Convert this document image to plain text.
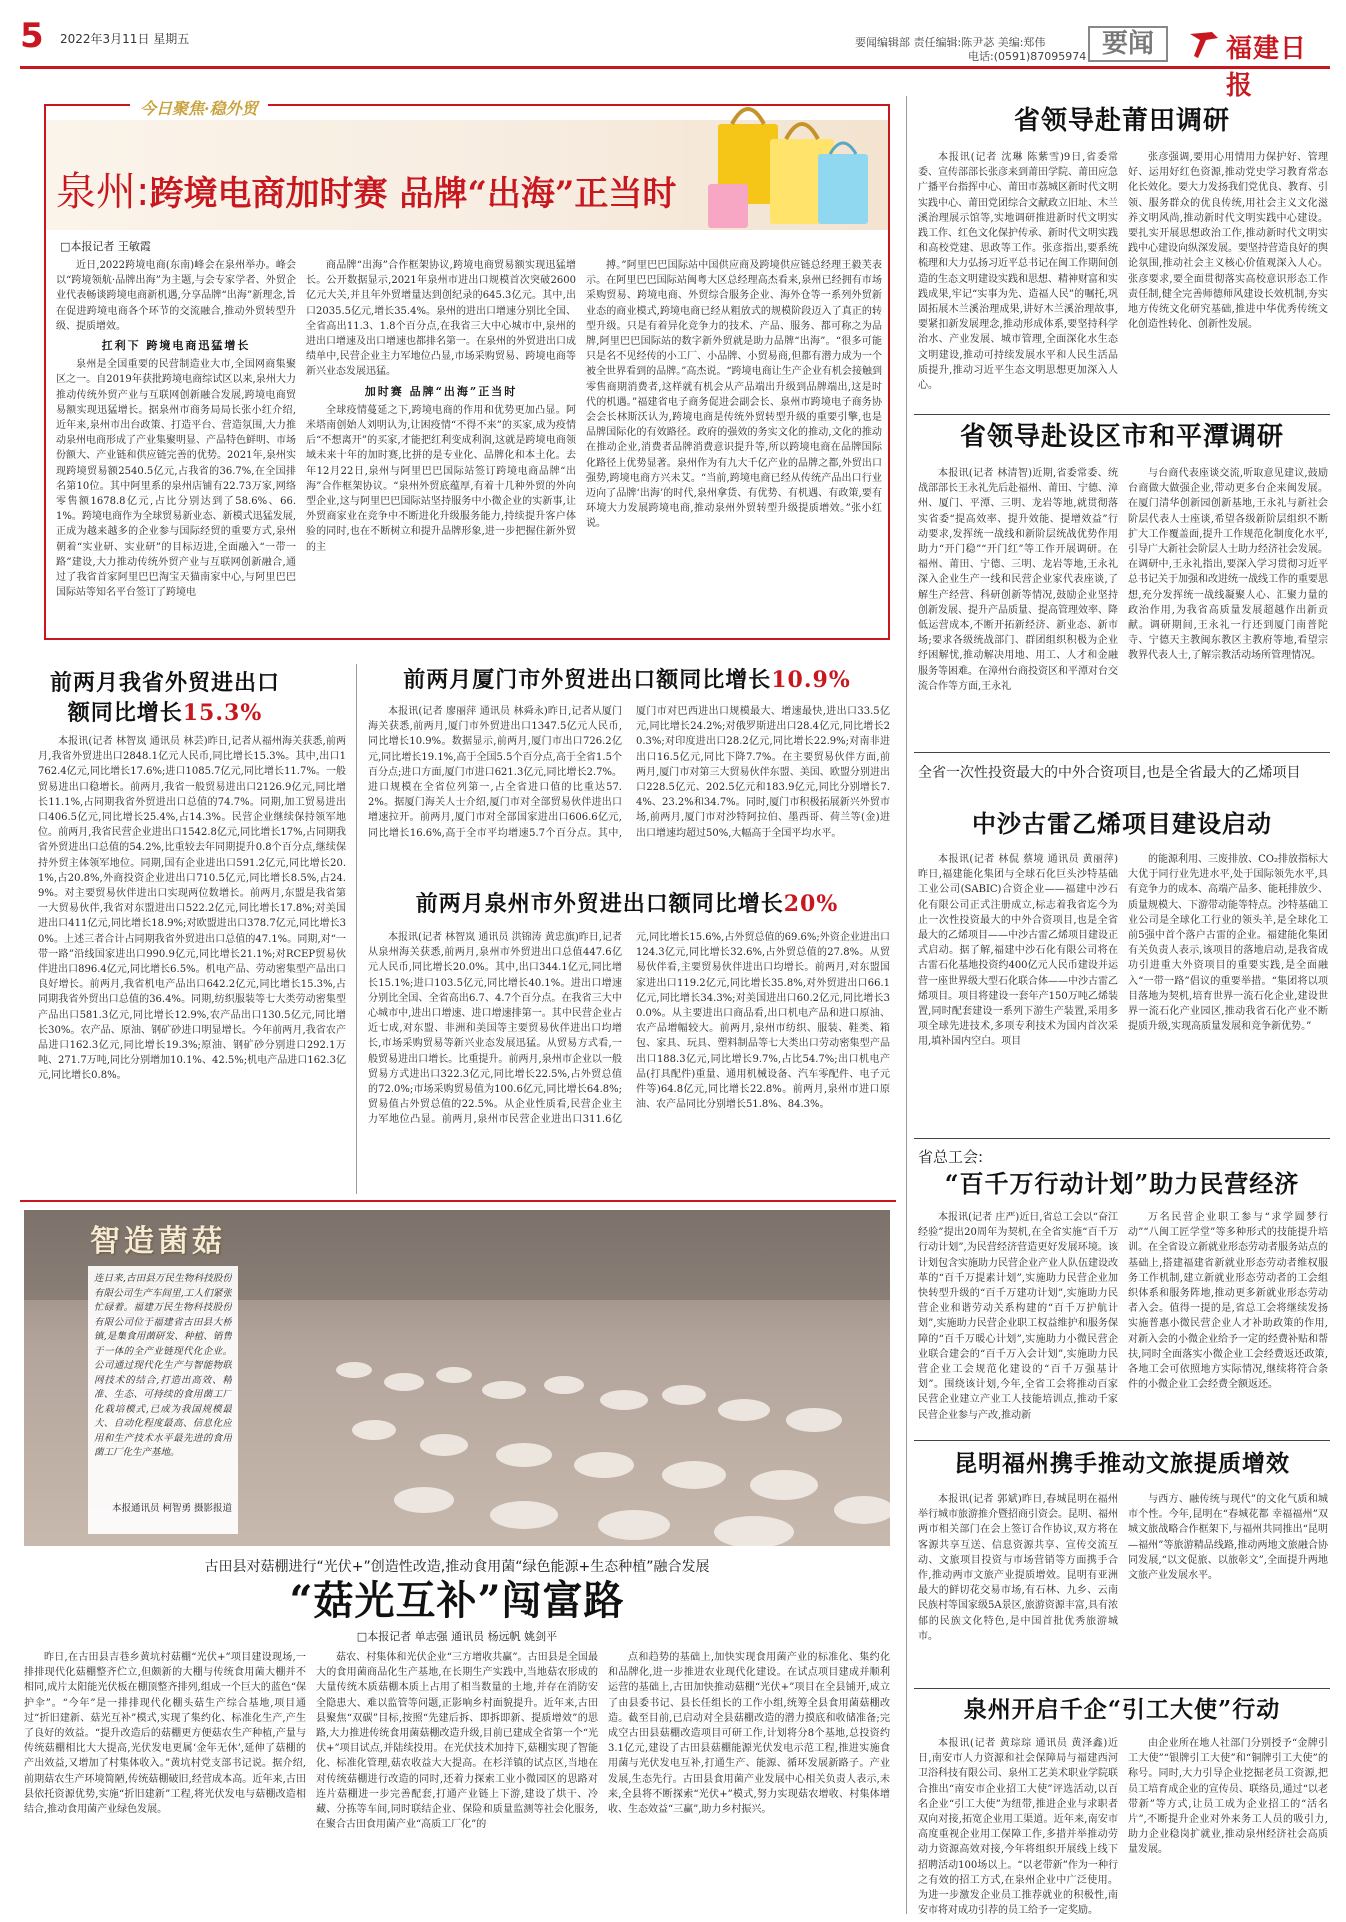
5 2022年3月11日 星期五	要闻编辑部 责任编辑:陈尹苾 美编:郑伟
电话:(0591)87095974 要闻	福建日报
今日聚焦·稳外贸
泉州:跨境电商加时赛 品牌“出海”正当时
□本报记者 王敏霞

近日,2022跨境电商(东南)峰会在泉州举办。峰会以“跨境领航·品牌出海”为主题,与会专家学者、外贸企业代表畅谈跨境电商新机遇,分享品牌“出海”新理念,旨在促进跨境电商各个环节的交流融合,推动外贸转型升级、提质增效。

扛利下 跨境电商迅猛增长

泉州是全国重要的民营制造业大市,全国网商集聚区之一。自2019年获批跨境电商综试区以来,泉州大力推动传统外贸产业与互联网创新融合发展,跨境电商贸易额实现迅猛增长。据泉州市商务局局长张小红介绍,近年来,泉州市出台政策、打造平台、营造氛围,大力推动泉州电商形成了产业集聚明显、产品特色鲜明、市场份额大、产业链和供应链完善的优势。2021年,泉州实现跨境贸易额2540.5亿元,占我省的36.7%,在全国排名第10位。其中阿里系的泉州店铺有22.73万家,网络零售额1678.8亿元,占比分别达到了58.6%、66.1%。跨境电商作为全球贸易新业态、新模式迅猛发展,正成为越来越多的企业参与国际经贸的重要方式,泉州朝着“实业研、实业研”的目标迈进,全面融入“一带一路”建设,大力推动传统外贸产业与互联网创新融合,通过了我省首家阿里巴巴淘宝天猫南家中心,与阿里巴巴国际站等知名平台签订了跨境电

商品牌“出海”合作框架协议,跨境电商贸易额实现迅猛增长。公开数据显示,2021年泉州市进出口规模首次突破2600亿元大关,并且年外贸增量达到创纪录的645.3亿元。其中,出口2035.5亿元,增长35.4%。泉州的进出口增速分别比全国、全省高出11.3、1.8个百分点,在我省三大中心城市中,泉州的进出口增速及出口增速也都排名第一。在泉州的外贸进出口成绩单中,民营企业主力军地位凸显,市场采购贸易、跨境电商等新兴业态发展迅猛。

加时赛 品牌“出海”正当时

全球疫情蔓延之下,跨境电商的作用和优势更加凸显。阿米塔南创始人刘明认为,让困疫情“不得不来”的买家,成为疫情后“不想离开”的买家,才能把红利变成利润,这就是跨境电商领域未来十年的加时赛,比拼的是专业化、品牌化和本土化。去年12月22日,泉州与阿里巴巴国际站签订跨境电商品牌“出海”合作框架协议。“泉州外贸底蕴厚,有着十几种外贸的外向型企业,这与阿里巴巴国际站坚持服务中小微企业的实新事,让外贸商家业在竞争中不断进化升级服务能力,持续提升客户体验的同时,也在不断树立和提升品牌形象,进一步把握住新外贸的主

搏。”阿里巴巴国际站中国供应商及跨境供应链总经理王毅芙表示。在阿里巴巴国际站闽粤大区总经理高杰看来,泉州已经拥有市场采购贸易、跨境电商、外贸综合服务企业、海外仓等一系列外贸新业态的商业模式,跨境电商已经从粗放式的规模阶段迈入了真正的转型升级。只是有着异化竞争力的技术、产品、服务、都可称之为品牌,阿里巴巴国际站的数字新外贸就是助力品牌“出海”。“很多可能只是名不见经传的小工厂、小品牌、小贸易商,但都有潜力成为一个被全世界看到的品牌。”高杰说。“跨境电商让生产企业有机会接触到零售商期消费者,这样就有机会从产品端出升级到品牌端出,这是时代的机遇。”福建省电子商务促进会副会长、泉州市跨境电子商务协会会长林斯沃认为,跨境电商是传统外贸转型升级的重要引擎,也是品牌国际化的有效路径。政府的强效的务实文化的推动,文化的推动在推动企业,消费者品牌消费意识提升等,所以跨境电商在品牌国际化路径上优势显著。泉州作为有九大千亿产业的品牌之都,外贸出口强势,跨境电商方兴未艾。“当前,跨境电商已经从传统产品出口行业迈向了品牌‘出海’的时代,泉州拿货、有优势、有机遇、有政策,要有环境大力发展跨境电商,推动泉州外贸转型升级提质增效。”张小红说。

前两月我省外贸进出口额同比增长15.3%

本报讯(记者 林智岚 通讯员 林芸)昨日,记者从福州海关获悉,前两月,我省外贸进出口2848.1亿元人民币,同比增长15.3%。其中,出口1762.4亿元,同比增长17.6%;进口1085.7亿元,同比增长11.7%。一般贸易进出口稳增长。前两月,我省一般贸易进出口2126.9亿元,同比增长11.1%,占同期我省外贸进出口总值的74.7%。同期,加工贸易进出口406.5亿元,同比增长25.4%,占14.3%。民营企业继续保持领军地位。前两月,我省民营企业进出口1542.8亿元,同比增长17%,占同期我省外贸进出口总值的54.2%,比重较去年同期提升0.8个百分点,继续保持外贸主体领军地位。同期,国有企业进出口591.2亿元,同比增长20.1%,占20.8%,外商投资企业进出口710.5亿元,同比增长8.5%,占24.9%。对主要贸易伙伴进出口实现两位数增长。前两月,东盟是我省第一大贸易伙伴,我省对东盟进出口522.2亿元,同比增长17.8%;对美国进出口411亿元,同比增长18.9%;对欧盟进出口378.7亿元,同比增长30%。上述三者合计占同期我省外贸进出口总值的47.1%。同期,对“一带一路”沿线国家进出口990.9亿元,同比增长21.1%;对RCEP贸易伙伴进出口896.4亿元,同比增长6.5%。机电产品、劳动密集型产品出口良好增长。前两月,我省机电产品出口642.2亿元,同比增长15.3%,占同期我省外贸出口总值的36.4%。同期,纺织服装等七大类劳动密集型产品出口581.3亿元,同比增长12.9%,农产品出口130.5亿元,同比增长30%。农产品、原油、钢矿砂进口明显增长。今年前两月,我省农产品进口162.3亿元,同比增长19.3%;原油、钢矿砂分别进口292.1万吨、271.7万吨,同比分别增加10.1%、42.5%;机电产品进口162.3亿元,同比增长0.8%。

前两月厦门市外贸进出口额同比增长10.9%

本报讯(记者 廖丽萍 通讯员 林舜永)昨日,记者从厦门海关获悉,前两月,厦门市外贸进出口1347.5亿元人民币,同比增长10.9%。数据显示,前两月,厦门市出口726.2亿元,同比增长19.1%,高于全国5.5个百分点,高于全省1.5个百分点;进口方面,厦门市进口621.3亿元,同比增长2.7%。进口规模在全省位列第一,占全省进口值的比重达57.2%。据厦门海关人士介绍,厦门市对全部贸易伙伴进出口增速拉开。前两月,厦门市对全部国家进出口606.6亿元,同比增长16.6%,高于全市平均增速5.7个百分点。其中,厦门市对巴西进出口规模最大、增速最快,进出口33.5亿元,同比增长24.2%;对俄罗斯进出口28.4亿元,同比增长20.3%;对印度进出口28.2亿元,同比增长22.9%;对南非进出口16.5亿元,同比下降7.7%。在主要贸易伙伴方面,前两月,厦门市对第三大贸易伙伴东盟、美国、欧盟分别进出口228.5亿元、202.5亿元和183.9亿元,同比分别增长7.4%、23.2%和34.7%。同时,厦门市积极拓展新兴外贸市场,前两月,厦门市对沙特阿拉伯、墨西哥、荷兰等(金)进出口增速均超过50%,大幅高于全国平均水平。

前两月泉州市外贸进出口额同比增长20%

本报讯(记者 林智岚 通讯员 洪锦涛 黄忠旗)昨日,记者从泉州海关获悉,前两月,泉州市外贸进出口总值447.6亿元人民币,同比增长20.0%。其中,出口344.1亿元,同比增长15.1%;进口103.5亿元,同比增长40.1%。进出口增速分别比全国、全省高出6.7、4.7个百分点。在我省三大中心城市中,进出口增速、进口增速排第一。其中民营企业占近七成,对东盟、非洲和美国等主要贸易伙伴进出口均增长,市场采购贸易等新兴业态发展迅猛。从贸易方式看,一般贸易进出口增长。比重提升。前两月,泉州市企业以一般贸易方式进出口322.3亿元,同比增长22.5%,占外贸总值的72.0%;市场采购贸易值为100.6亿元,同比增长64.8%;贸易值占外贸总值的22.5%。从企业性质看,民营企业主力军地位凸显。前两月,泉州市民营企业进出口311.6亿元,同比增长15.6%,占外贸总值的69.6%;外资企业进出口124.3亿元,同比增长32.6%,占外贸总值的27.8%。从贸易伙伴看,主要贸易伙伴进出口均增长。前两月,对东盟国家进出口119.2亿元,同比增长35.8%,对外贸进出口66.1亿元,同比增长34.3%;对美国进出口60.2亿元,同比增长30.0%。从主要进出口商品看,出口机电产品和进口原油、农产品增幅较大。前两月,泉州市纺织、服装、鞋类、箱包、家具、玩具、塑料制品等七大类出口劳动密集型产品出口188.3亿元,同比增长9.7%,占比54.7%;出口机电产品(打具配件)重量、通用机械设备、汽车零配件、电子元件等)64.8亿元,同比增长22.8%。前两月,泉州市进口原油、农产品同比分别增长51.8%、84.3%。

智造菌菇
连日来,古田县万民生物科技股份有限公司生产车间里,工人们紧张忙碌着。福建万民生物科技股份有限公司位于福建省古田县大桥镇,是集食用菌研发、种植、销售于一体的全产业链现代化企业。公司通过现代化生产与智能物联网技术的结合,打造出高效、精准、生态、可持续的食用菌工厂化栽培模式,已成为我国规模最大、自动化程度最高、信息化应用和生产技术水平最先进的食用菌工厂化生产基地。
本报通讯员 柯智勇 摄影报道
古田县对菇棚进行“光伏+”创造性改造,推动食用菌“绿色能源+生态种植”融合发展
“菇光互补”闯富路
□本报记者 单志强 通讯员 杨远帆 姚剑平

昨日,在古田县吉巷乡黄坑村菇棚“光伏+”项目建设现场,一排排现代化菇棚整齐伫立,但颇新的大棚与传统食用菌大棚并不相同,成片太阳能光伏板在棚顶整齐排列,组成一个巨大的蓝色“保护伞”。“今年”是一排排现代化棚头菇生产综合基地,项目通过“折旧建新、菇光互补”模式,实现了集约化、标准化生产,产生了良好的效益。“提升改造后的菇棚更方便菇农生产种植,产量与传统菇棚相比大大提高,光伏发电更属‘金年无休’,延伸了菇棚的产出效益,又增加了村集体收入。”黄坑村党支部书记说。据介绍,前期菇农生产环境简陋,传统菇棚破旧,经营成本高。近年来,古田县依托资源优势,实施“折旧建新”工程,将光伏发电与菇棚改造相结合,推动食用菌产业绿色发展。

菇农、村集体和光伏企业“三方增收共赢”。古田县是全国最大的食用菌商品化生产基地,在长期生产实践中,当地菇农形成的大量传统木质菇棚本质上占用了相当数量的土地,并存在消防安全隐患大、难以监管等问题,正影响乡村面貌提升。近年来,古田县聚焦“双碳”目标,按照“先建后拆、即拆即新、提质增效”的思路,大力推进传统食用菌菇棚改造升级,目前已建成全省第一个“光伏+”项目试点,并陆续投用。在光伏技术加持下,菇棚实现了智能化、标准化管理,菇农收益大大提高。在杉洋镇的试点区,当地在对传统菇棚进行改造的同时,还着力探索工业小微园区的思路对连片菇棚进一步完善配套,打通产业链上下游,建设了烘干、冷藏、分拣等车间,同时联结企业、保险和质量监测等社会化服务,在聚合古田食用菌产业“高质工厂化”的

点和趋势的基础上,加快实现食用菌产业的标准化、集约化和品牌化,进一步推进农业现代化建设。在试点项目建成并顺利运营的基础上,古田加快推动菇棚“光伏+”项目在全县铺开,成立了由县委书记、县长任组长的工作小组,统筹全县食用菌菇棚改造。截至目前,已启动对全县菇棚改造的潜力摸底和收储准备;完成空古田县菇棚改造项目可研工作,计划将分8个基地,总投资约3.1亿元,建设了古田县菇棚能源光伏发电示范工程,推进实施食用菌与光伏发电互补,打通生产、能源、循环发展新路子。产业发展,生态先行。古田县食用菌产业发展中心相关负责人表示,未来,全县将不断探索“光伏+”模式,努力实现菇农增收、村集体增收、生态效益“三赢”,助力乡村振兴。

省领导赴莆田调研

本报讯(记者 沈琳 陈紫雪)9日,省委常委、宣传部部长张彦来到莆田学院、莆田应急广播平台指挥中心、莆田市荔城区新时代文明实践中心、莆田党团综合文献政立旧址、木兰溪治理展示馆等,实地调研推进新时代文明实践工作、红色文化保护传承、新时代文明实践和高校党建、思政等工作。张彦指出,要系统梳理和大力弘扬习近平总书记在闽工作期间创造的生态文明建设实践和思想、精神财富和实践成果,牢记“实事为先、造福人民”的嘱托,巩固拓展木兰溪治理成果,讲好木兰溪治理故事,要紧扣新发展理念,推动形成体系,要坚持科学治水、产业发展、城市管理,全面深化水生态文明建设,推动可持续发展水平和人民生活品质提升,推动习近平生态文明思想更加深入人心。

张彦强调,要用心用情用力保护好、管理好、运用好红色资源,推动党史学习教育常态化长效化。要大力发扬我们党优良、教育、引领、服务群众的优良传统,用社会主义文化滋养文明风尚,推动新时代文明实践中心建设。要扎实开展思想政治工作,推动新时代文明实践中心建设向纵深发展。要坚持营造良好的舆论氛围,推动社会主义核心价值观深入人心。张彦要求,要全面贯彻落实高校意识形态工作责任制,健全完善师德师风建设长效机制,夯实地方传统文化研究基础,推进中华优秀传统文化创造性转化、创新性发展。

省领导赴设区市和平潭调研

本报讯(记者 林清智)近期,省委常委、统战部部长王永礼先后赴福州、莆田、宁德、漳州、厦门、平潭、三明、龙岩等地,就贯彻落实省委“提高效率、提升效能、提增效益”行动要求,发挥统一战线和新阶层统战优势作用助力“开门稳”“开门红”等工作开展调研。在福州、莆田、宁德、三明、龙岩等地,王永礼深入企业生产一线和民营企业家代表座谈,了解生产经营、科研创新等情况,鼓励企业坚持创新发展、提升产品质量、提高管理效率、降低运营成本,不断开拓新经济、新业态、新市场;要求各级统战部门、群团组织积极为企业纾困解忧,推动解决用地、用工、人才和金融服务等困难。在漳州台商投资区和平潭对台交流合作等方面,王永礼

与台商代表座谈交流,听取意见建议,鼓励台商做大做强企业,带动更多台企来闽发展。在厦门清华创新园创新基地,王永礼与新社会阶层代表人士座谈,希望各级新阶层组织不断扩大工作覆盖面,提升工作规范化制度化水平,引导广大新社会阶层人士助力经济社会发展。在调研中,王永礼指出,要深入学习贯彻习近平总书记关于加强和改进统一战线工作的重要思想,充分发挥统一战线凝聚人心、汇聚力量的政治作用,为我省高质量发展超越作出新贡献。调研期间,王永礼一行还到厦门南普陀寺、宁德天主教闽东教区主教府等地,看望宗教界代表人士,了解宗教活动场所管理情况。

全省一次性投资最大的中外合资项目,也是全省最大的乙烯项目
中沙古雷乙烯项目建设启动

本报讯(记者 林侃 蔡境 通讯员 黄丽萍)昨日,福建能化集团与全球石化巨头沙特基础工业公司(SABIC)合资企业——福建中沙石化有限公司正式注册成立,标志着我省迄今为止一次性投资最大的中外合资项目,也是全省最大的乙烯项目——中沙古雷乙烯项目建设正式启动。据了解,福建中沙石化有限公司将在古雷石化基地投资约400亿元人民币建设并运营一座世界级大型石化联合体——中沙古雷乙烯项目。项目将建设一套年产150万吨乙烯装置,同时配套建设一系列下游生产装置,采用多项全球先进技术,多项专利技术为国内首次采用,填补国内空白。项目

的能源利用、三废排放、CO₂排放指标大大优于同行业先进水平,处于国际领先水平,具有竞争力的成本、高端产品多、能耗排放少、质量规模大、下游带动能等特点。沙特基础工业公司是全球化工行业的领头羊,是全球化工前5强中首个落户古雷的企业。福建能化集团有关负责人表示,该项目的落地启动,是我省成功引进重大外资项目的重要实践,是全面融入“一带一路”倡议的重要举措。“集团将以项目落地为契机,培育世界一流石化企业,建设世界一流石化产业园区,推动我省石化产业不断提质升级,实现高质量发展和竞争新优势。”

省总工会:
“百千万行动计划”助力民营经济

本报讯(记者 庄严)近日,省总工会以“奋江经验”提出20周年为契机,在全省实施“百千万行动计划”,为民营经济营造更好发展环境。该计划包含实施助力民营企业产业人队伍建设改革的“百千万提素计划”,实施助力民营企业加快转型升级的“百千万建功计划”,实施助力民营企业和谐劳动关系构建的“百千万护航计划”,实施助力民营企业职工权益维护和服务保障的“百千万暖心计划”,实施助力小微民营企业联合建会的“百千万入会计划”,实施助力民营企业工会规范化建设的“百千万强基计划”。围绕该计划,今年,全省工会将推动百家民营企业建立产业工人技能培训点,推动千家民营企业参与产改,推动新

万名民营企业职工参与“求学圆梦行动”“八闽工匠学堂”等多种形式的技能提升培训。在全省设立新就业形态劳动者服务站点的基础上,搭建福建省新就业形态劳动者维权服务工作机制,建立新就业形态劳动者的工会组织体系和服务阵地,推动更多新就业形态劳动者入会。值得一提的是,省总工会将继续发扬实施普惠小微民营企业人才补助政策的作用,对新入会的小微企业给予一定的经费补贴和帮扶,同时全面落实小微企业工会经费返还政策,各地工会可依照地方实际情况,继续将符合条件的小微企业工会经费全额返还。

昆明福州携手推动文旅提质增效

本报讯(记者 郭斌)昨日,春城昆明在福州举行城市旅游推介暨招商引资会。昆明、福州两市相关部门在会上签订合作协议,双方将在客源共享互送、信息资源共享、宣传交流互动、文旅项目投资与市场营销等方面携手合作,推动两市文旅产业提质增效。昆明有亚洲最大的鲜切花交易市场,有石林、九乡、云南民族村等国家级5A景区,旅游资源丰富,具有浓郁的民族文化特色,是中国首批优秀旅游城市。

与西方、融传统与现代”的文化气质和城市个性。今年,昆明在“春城花都 幸福福州”双城文旅战略合作框架下,与福州共同推出“昆明—福州”等旅游精品线路,推动两地文旅融合协同发展,“以文促旅、以旅彰文”,全面提升两地文旅产业发展水平。

泉州开启千企“引工大使”行动

本报讯(记者 黄琮琮 通讯员 黄泽鑫)近日,南安市人力资源和社会保障局与福建西河卫浴科技有限公司、泉州工艺美术职业学院联合推出“南安市企业招工大使”评选活动,以百名企业“引工大使”为纽带,推进企业与求职者双向对接,拓宽企业用工渠道。近年来,南安市高度重视企业用工保障工作,多措并举推动劳动力资源高效对接,今年将组织开展线上线下招聘活动100场以上。“以老带新”作为一种行之有效的招工方式,在泉州企业中广泛使用。为进一步激发企业员工推荐就业的积极性,南安市将对成功引荐的员工给予一定奖励。

由企业所在地人社部门分别授予“金牌引工大使”“银牌引工大使”和“铜牌引工大使”的称号。同时,大力引导企业挖掘老员工资源,把员工培育成企业的宣传员、联络员,通过“以老带新”等方式,让员工成为企业招工的“活名片”,不断提升企业对外来务工人员的吸引力,助力企业稳岗扩就业,推动泉州经济社会高质量发展。
